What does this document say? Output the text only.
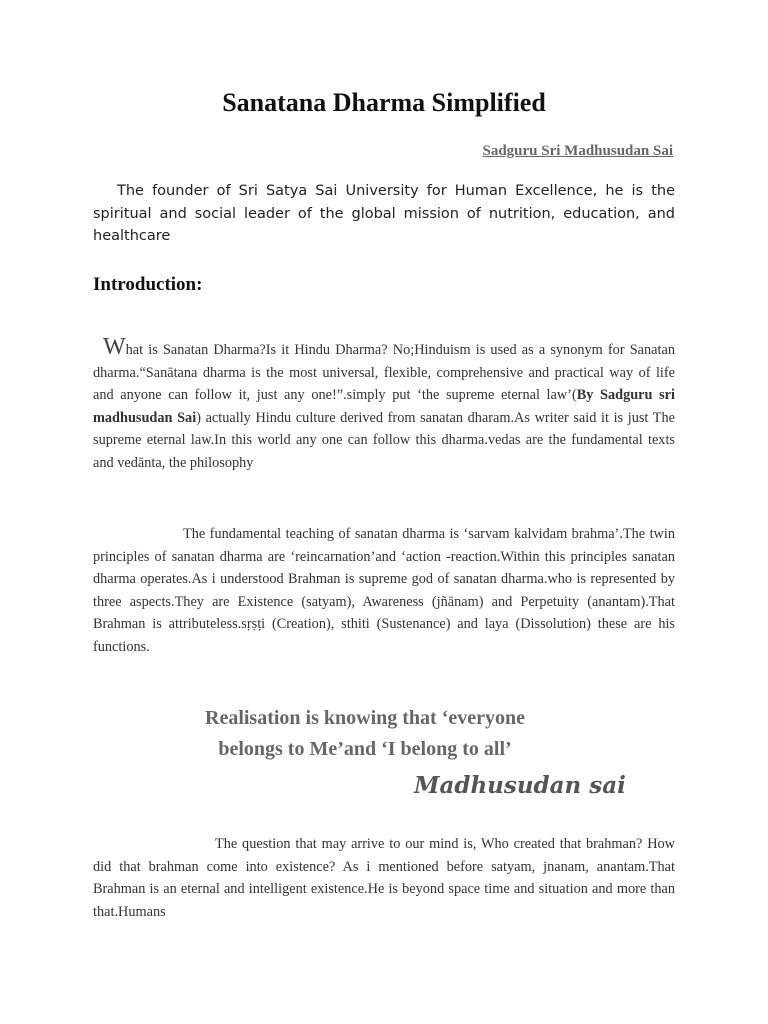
Sanatana Dharma Simplified
Sadguru Sri Madhusudan Sai
The founder of Sri Satya Sai University for Human Excellence, he is the spiritual and social leader of the global mission of nutrition, education, and healthcare
Introduction:
What is Sanatan Dharma?Is it Hindu Dharma? No;Hinduism is used as a synonym for Sanatan dharma.“Sanātana dharma is the most universal, flexible, comprehensive and practical way of life and anyone can follow it, just any one!”.simply put ‘the supreme eternal law’(By Sadguru sri madhusudan Sai) actually Hindu culture derived from sanatan dharam.As writer said it is just The supreme eternal law.In this world any one can follow this dharma.vedas are the fundamental texts and vedānta, the philosophy
The fundamental teaching of sanatan dharma is ‘sarvam kalvidam brahma’.The twin principles of sanatan dharma are ‘reincarnation’and ‘action -reaction.Within this principles sanatan dharma operates.As i understood Brahman is supreme god of sanatan dharma.who is represented by three aspects.They are Existence (satyam), Awareness (jñānam) and Perpetuity (anantam).That Brahman is attributeless.sṛṣṭi (Creation), sthiti (Sustenance) and laya (Dissolution) these are his functions.
Realisation is knowing that ‘everyone
belongs to Me’and ‘I belong to all’
Madhusudan sai
The question that may arrive to our mind is, Who created that brahman? How did that brahman come into existence? As i mentioned before satyam, jnanam, anantam.That Brahman is an eternal and intelligent existence.He is beyond space time and situation and more than that.Humans
